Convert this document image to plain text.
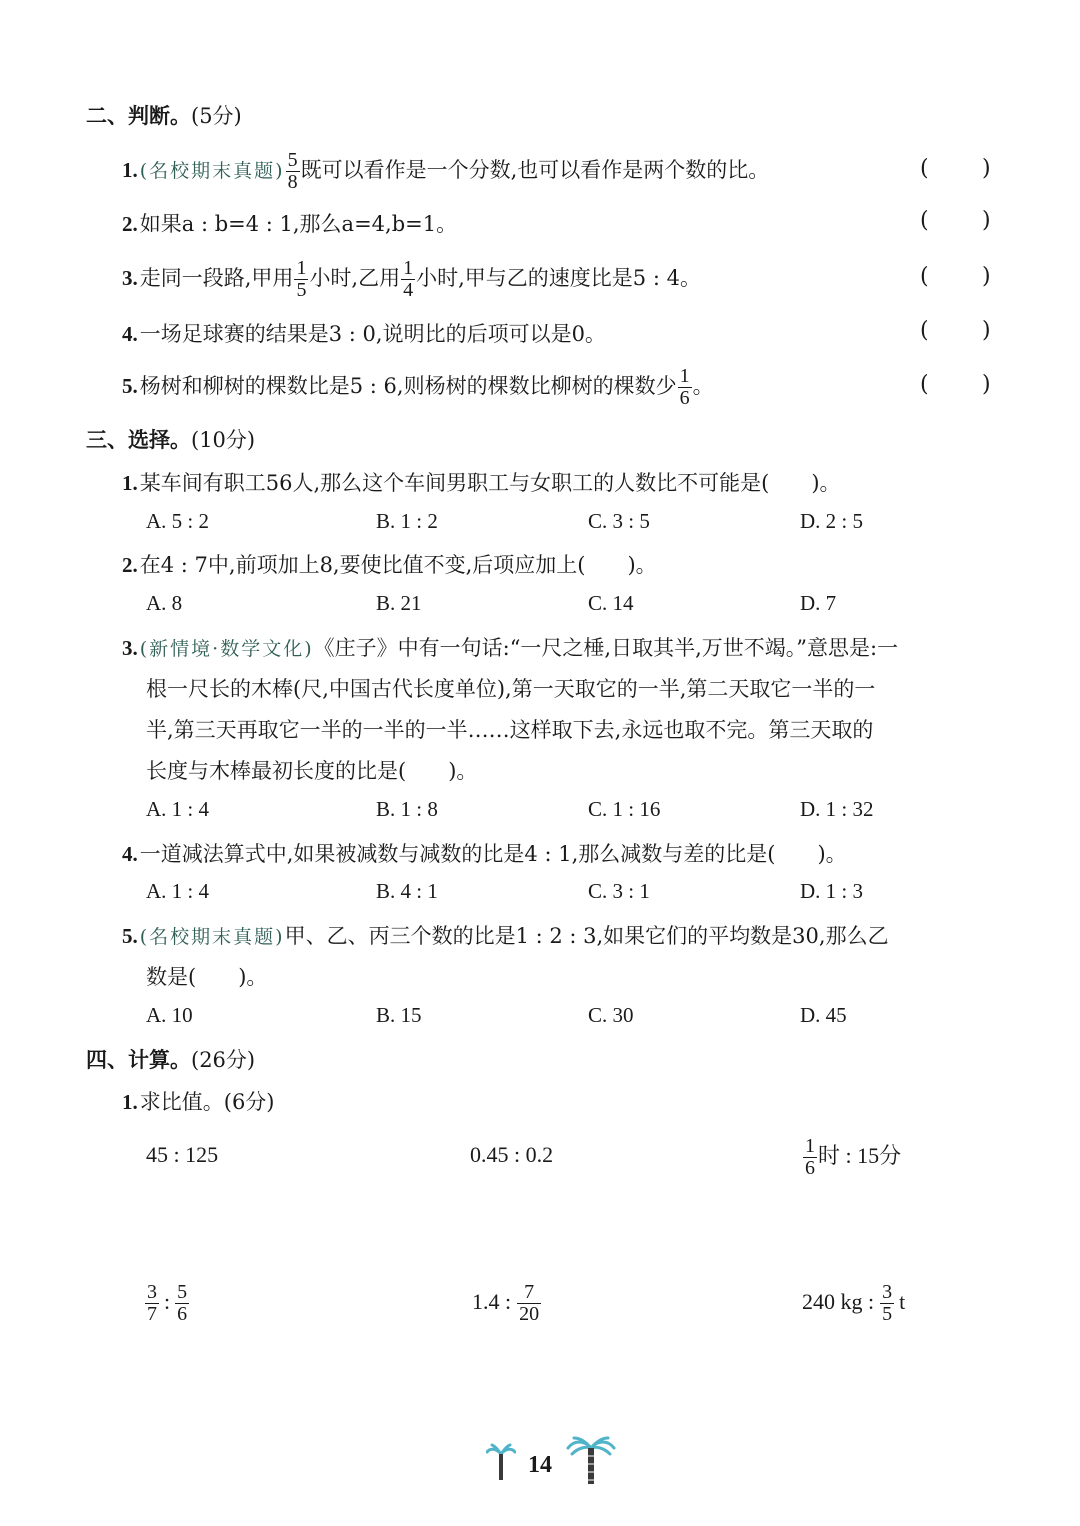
二、判断。(5分)
1. (名校期末真题) $\frac{5}{8}$ 既可以看作是一个分数,也可以看作是两个数的比。	( )
2.如果a : b=4 : 1,那么a=4,b=1。	( )
3.走同一段路,甲用 $\frac{1}{5}$ 小时,乙用 $\frac{1}{4}$ 小时,甲与乙的速度比是5 : 4。	( )
4.一场足球赛的结果是3 : 0,说明比的后项可以是0。	( )
5.杨树和柳树的棵数比是5 : 6,则杨树的棵数比柳树的棵数少 $\frac{1}{6}$ 。	( )
三、选择。(10分)
1.某车间有职工56人,那么这个车间男职工与女职工的人数比不可能是(　　)。
A. 5 : 2	B. 1 : 2	C. 3 : 5	D. 2 : 5
2.在4 : 7中,前项加上8,要使比值不变,后项应加上(　　)。
A. 8	B. 21	C. 14	D. 7
3. (新情境·数学文化)《庄子》中有一句话:“一尺之棰,日取其半,万世不竭。”意思是:一
根一尺长的木棒(尺,中国古代长度单位),第一天取它的一半,第二天取它一半的一
半,第三天再取它一半的一半的一半……这样取下去,永远也取不完。第三天取的
长度与木棒最初长度的比是(　　)。
A. 1 : 4	B. 1 : 8	C. 1 : 16	D. 1 : 32
4.一道减法算式中,如果被减数与减数的比是4 : 1,那么减数与差的比是(　　)。
A. 1 : 4	B. 4 : 1	C. 3 : 1	D. 1 : 3
5. (名校期末真题)甲、乙、丙三个数的比是1 : 2 : 3,如果它们的平均数是30,那么乙
数是(　　)。
A. 10	B. 15	C. 30	D. 45
四、计算。(26分)
1.求比值。(6分)
45 : 125	0.45 : 0.2	$\frac{1}{6}$ 时 : 15分
$\frac{3}{7}$ : $\frac{5}{6}$	1.4 : $\frac{7}{20}$	240 kg : $\frac{3}{5}$ t
14
